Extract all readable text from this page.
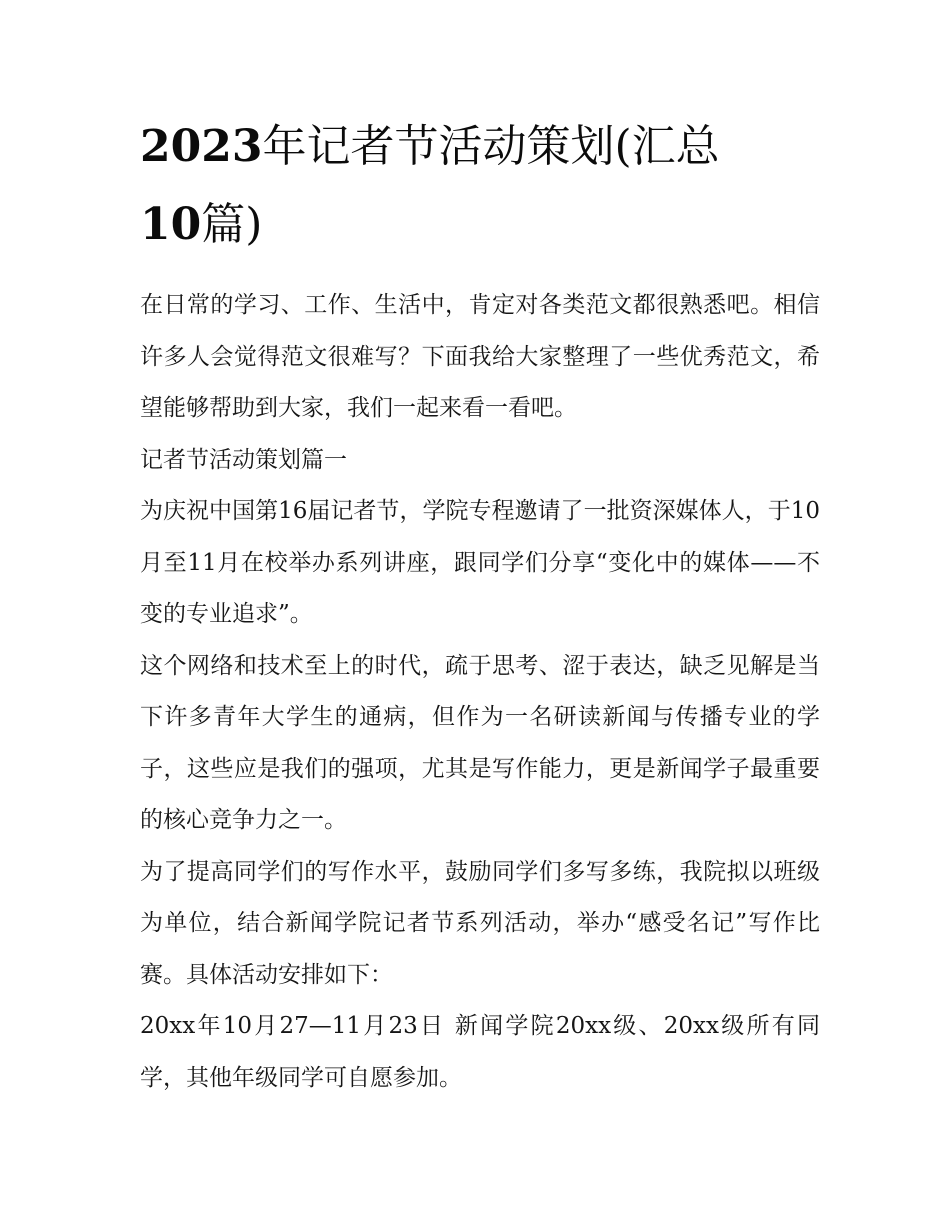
2023年记者节活动策划(汇总
10篇)

在日常的学习、工作、生活中，肯定对各类范文都很熟悉吧。相信许多人会觉得范文很难写？下面我给大家整理了一些优秀范文，希望能够帮助到大家，我们一起来看一看吧。

记者节活动策划篇一

为庆祝中国第16届记者节，学院专程邀请了一批资深媒体人，于10月至11月在校举办系列讲座，跟同学们分享“变化中的媒体——不变的专业追求”。

这个网络和技术至上的时代，疏于思考、涩于表达，缺乏见解是当下许多青年大学生的通病，但作为一名研读新闻与传播专业的学子，这些应是我们的强项，尤其是写作能力，更是新闻学子最重要的核心竞争力之一。

为了提高同学们的写作水平，鼓励同学们多写多练，我院拟以班级为单位，结合新闻学院记者节系列活动，举办“感受名记”写作比赛。具体活动安排如下：

20xx年10月27—11月23日 新闻学院20xx级、20xx级所有同学，其他年级同学可自愿参加。
